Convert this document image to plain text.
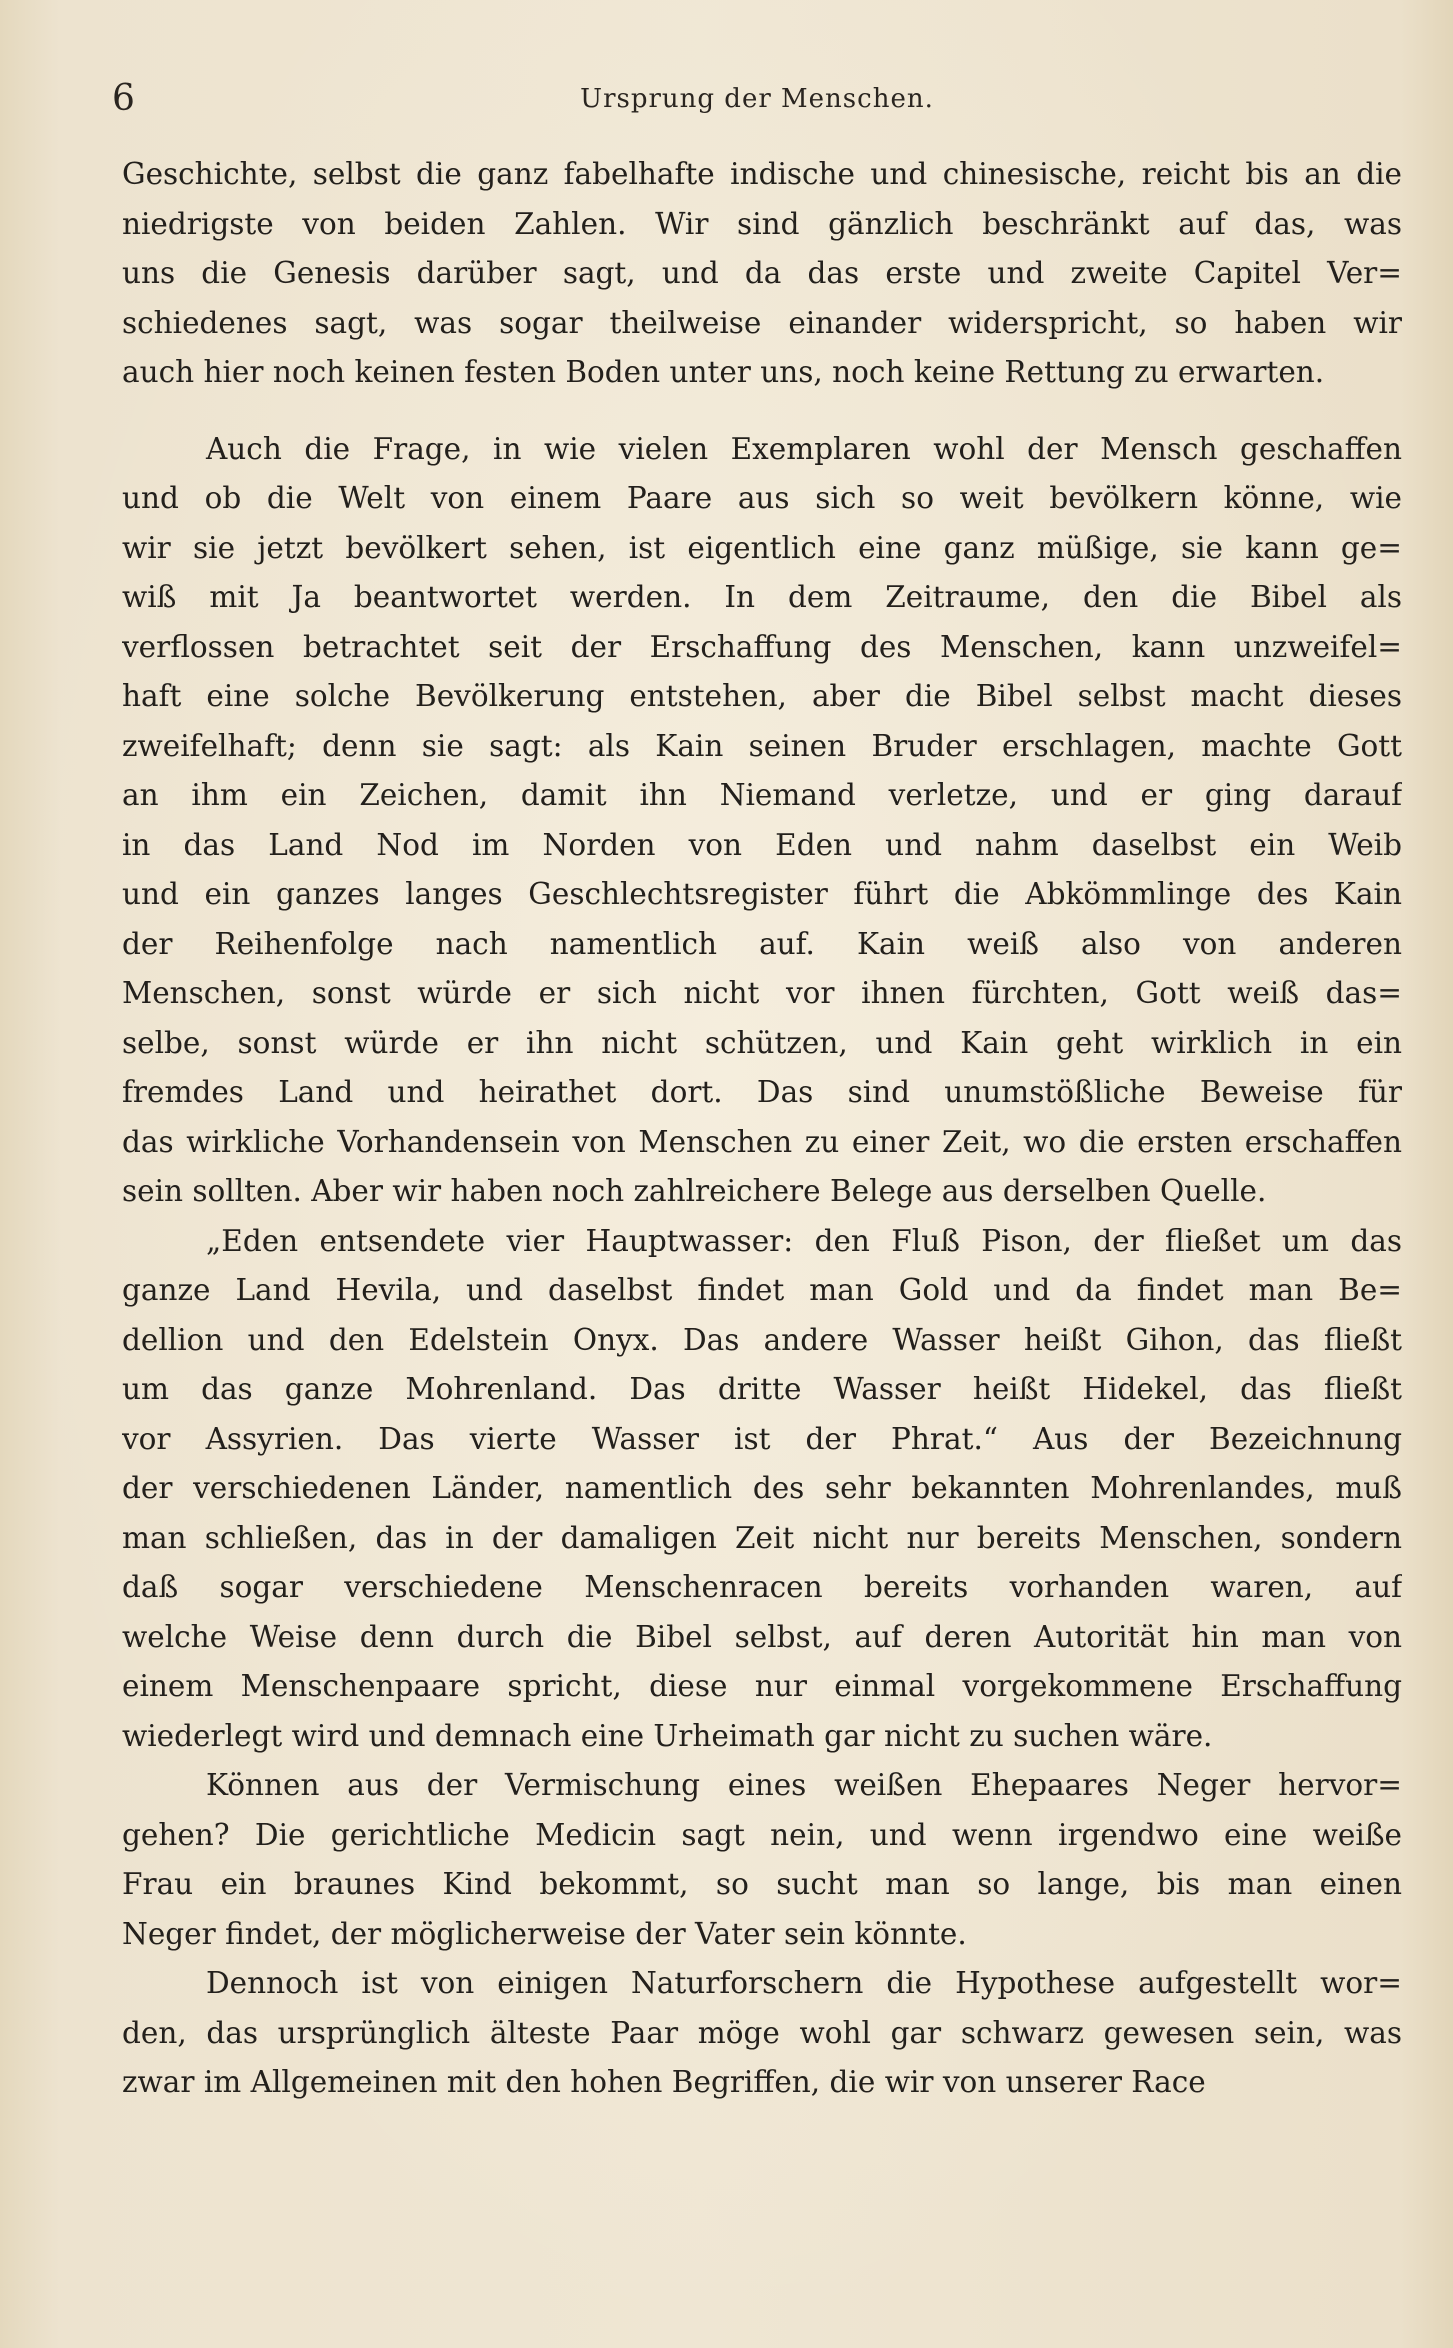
6	Ursprung der Menschen.
Geschichte, selbst die ganz fabelhafte indische und chinesische, reicht bis an die
niedrigste von beiden Zahlen. Wir sind gänzlich beschränkt auf das, was
uns die Genesis darüber sagt, und da das erste und zweite Capitel Ver=
schiedenes sagt, was sogar theilweise einander widerspricht, so haben wir
auch hier noch keinen festen Boden unter uns, noch keine Rettung zu erwarten.
Auch die Frage, in wie vielen Exemplaren wohl der Mensch geschaffen
und ob die Welt von einem Paare aus sich so weit bevölkern könne, wie
wir sie jetzt bevölkert sehen, ist eigentlich eine ganz müßige, sie kann ge=
wiß mit Ja beantwortet werden. In dem Zeitraume, den die Bibel als
verflossen betrachtet seit der Erschaffung des Menschen, kann unzweifel=
haft eine solche Bevölkerung entstehen, aber die Bibel selbst macht dieses
zweifelhaft; denn sie sagt: als Kain seinen Bruder erschlagen, machte Gott
an ihm ein Zeichen, damit ihn Niemand verletze, und er ging darauf
in das Land Nod im Norden von Eden und nahm daselbst ein Weib
und ein ganzes langes Geschlechtsregister führt die Abkömmlinge des Kain
der Reihenfolge nach namentlich auf. Kain weiß also von anderen
Menschen, sonst würde er sich nicht vor ihnen fürchten, Gott weiß das=
selbe, sonst würde er ihn nicht schützen, und Kain geht wirklich in ein
fremdes Land und heirathet dort. Das sind unumstößliche Beweise für
das wirkliche Vorhandensein von Menschen zu einer Zeit, wo die ersten erschaffen
sein sollten. Aber wir haben noch zahlreichere Belege aus derselben Quelle.
„Eden entsendete vier Hauptwasser: den Fluß Pison, der fließet um das
ganze Land Hevila, und daselbst findet man Gold und da findet man Be=
dellion und den Edelstein Onyx. Das andere Wasser heißt Gihon, das fließt
um das ganze Mohrenland. Das dritte Wasser heißt Hidekel, das fließt
vor Assyrien. Das vierte Wasser ist der Phrat.“ Aus der Bezeichnung
der verschiedenen Länder, namentlich des sehr bekannten Mohrenlandes, muß
man schließen, das in der damaligen Zeit nicht nur bereits Menschen, sondern
daß sogar verschiedene Menschenracen bereits vorhanden waren, auf
welche Weise denn durch die Bibel selbst, auf deren Autorität hin man von
einem Menschenpaare spricht, diese nur einmal vorgekommene Erschaffung
wiederlegt wird und demnach eine Urheimath gar nicht zu suchen wäre.
Können aus der Vermischung eines weißen Ehepaares Neger hervor=
gehen? Die gerichtliche Medicin sagt nein, und wenn irgendwo eine weiße
Frau ein braunes Kind bekommt, so sucht man so lange, bis man einen
Neger findet, der möglicherweise der Vater sein könnte.
Dennoch ist von einigen Naturforschern die Hypothese aufgestellt wor=
den, das ursprünglich älteste Paar möge wohl gar schwarz gewesen sein, was
zwar im Allgemeinen mit den hohen Begriffen, die wir von unserer Race
